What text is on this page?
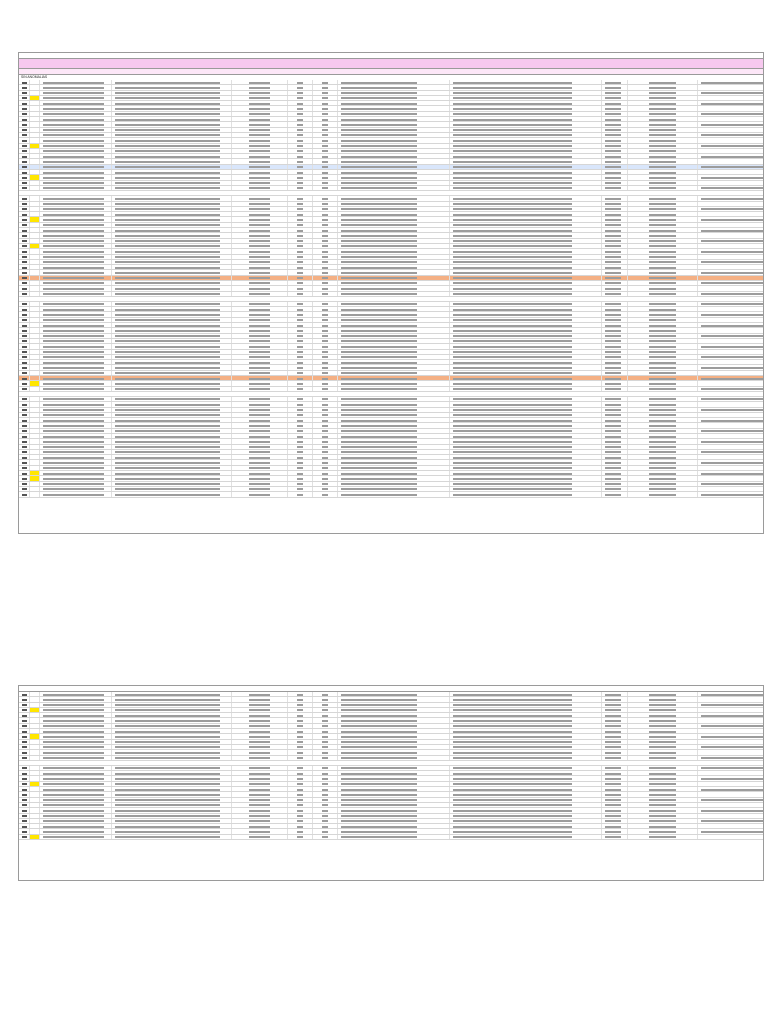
SIN ANOMALIAS
